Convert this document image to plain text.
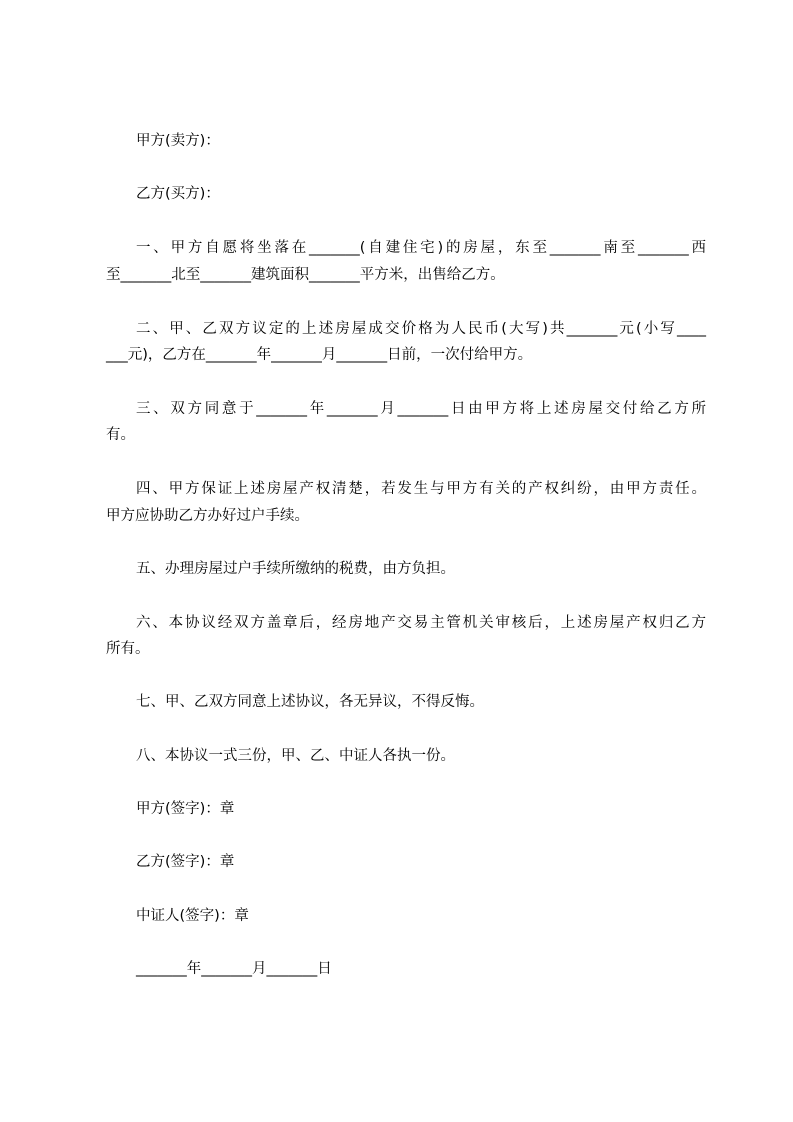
甲方(卖方)：

乙方(买方)：

一、甲方自愿将坐落在_______(自建住宅)的房屋，东至_______南至_______西

至_______北至_______建筑面积_______平方米，出售给乙方。

二、甲、乙双方议定的上述房屋成交价格为人民币(大写)共_______元(小写____

___元)，乙方在_______年_______月_______日前，一次付给甲方。

三、双方同意于_______年_______月_______日由甲方将上述房屋交付给乙方所

有。

四、甲方保证上述房屋产权清楚，若发生与甲方有关的产权纠纷，由甲方责任。

甲方应协助乙方办好过户手续。

五、办理房屋过户手续所缴纳的税费，由方负担。

六、本协议经双方盖章后，经房地产交易主管机关审核后，上述房屋产权归乙方

所有。

七、甲、乙双方同意上述协议，各无异议，不得反悔。

八、本协议一式三份，甲、乙、中证人各执一份。

甲方(签字)：章

乙方(签字)：章

中证人(签字)：章

_______年_______月_______日
